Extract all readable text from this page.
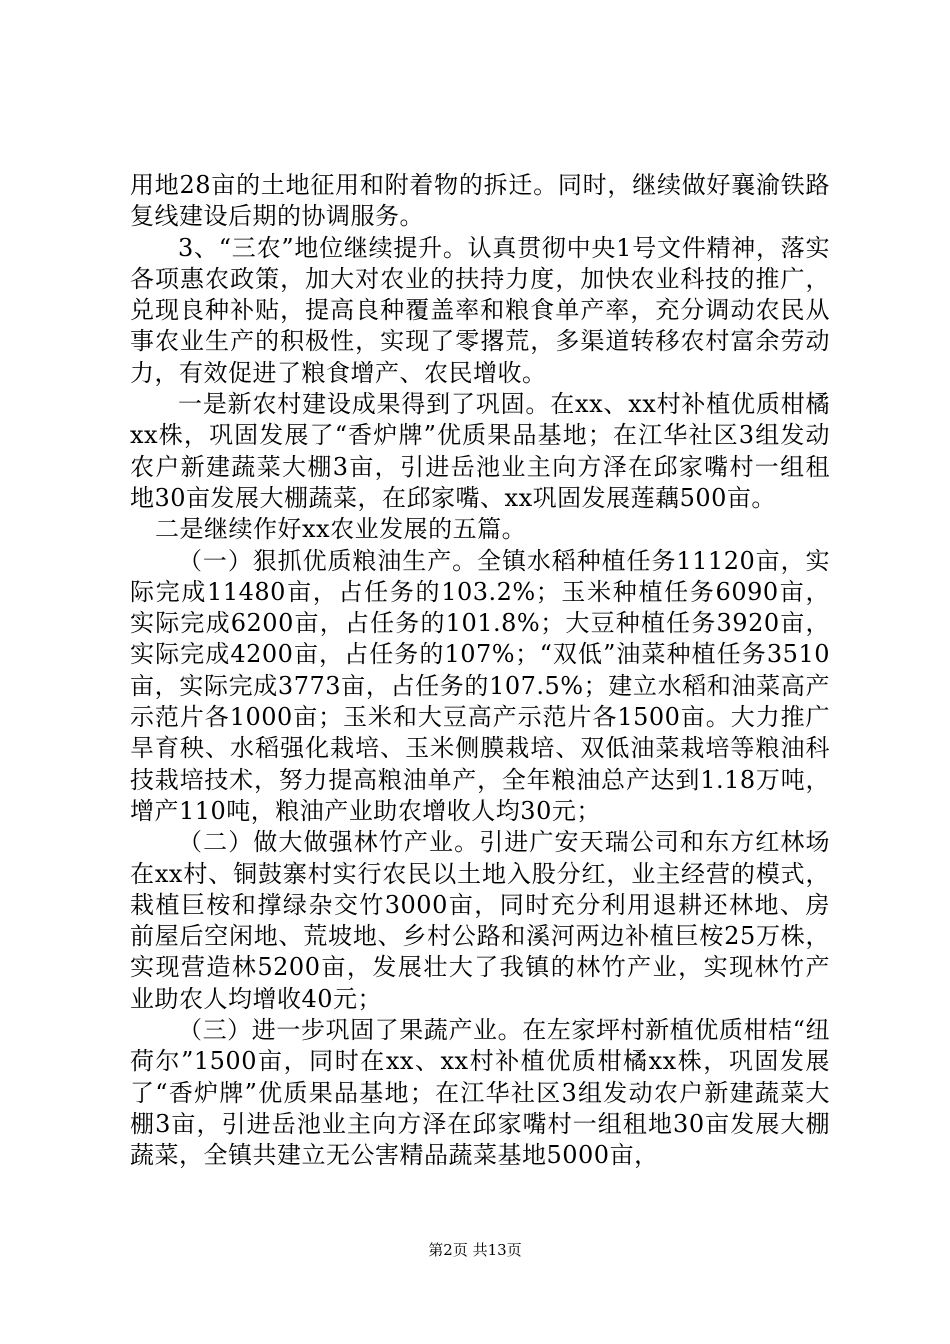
用地28亩的土地征用和附着物的拆迁。同时，继续做好襄渝铁路复线建设后期的协调服务。

3、“三农”地位继续提升。认真贯彻中央1号文件精神，落实各项惠农政策，加大对农业的扶持力度，加快农业科技的推广，兑现良种补贴，提高良种覆盖率和粮食单产率，充分调动农民从事农业生产的积极性，实现了零撂荒，多渠道转移农村富余劳动力，有效促进了粮食增产、农民增收。

一是新农村建设成果得到了巩固。在xx、xx村补植优质柑橘xx株，巩固发展了“香炉牌”优质果品基地；在江华社区3组发动农户新建蔬菜大棚3亩，引进岳池业主向方泽在邱家嘴村一组租地30亩发展大棚蔬菜，在邱家嘴、xx巩固发展莲藕500亩。

二是继续作好xx农业发展的五篇。

（一）狠抓优质粮油生产。全镇水稻种植任务11120亩，实际完成11480亩，占任务的103.2%；玉米种植任务6090亩，实际完成6200亩，占任务的101.8%；大豆种植任务3920亩，实际完成4200亩，占任务的107%；“双低”油菜种植任务3510亩，实际完成3773亩，占任务的107.5%；建立水稻和油菜高产示范片各1000亩；玉米和大豆高产示范片各1500亩。大力推广旱育秧、水稻强化栽培、玉米侧膜栽培、双低油菜栽培等粮油科技栽培技术，努力提高粮油单产，全年粮油总产达到1.18万吨，增产110吨，粮油产业助农增收人均30元；

（二）做大做强林竹产业。引进广安天瑞公司和东方红林场在xx村、铜鼓寨村实行农民以土地入股分红，业主经营的模式，栽植巨桉和撑绿杂交竹3000亩，同时充分利用退耕还林地、房前屋后空闲地、荒坡地、乡村公路和溪河两边补植巨桉25万株，实现营造林5200亩，发展壮大了我镇的林竹产业，实现林竹产业助农人均增收40元；

（三）进一步巩固了果蔬产业。在左家坪村新植优质柑桔“纽荷尔”1500亩，同时在xx、xx村补植优质柑橘xx株，巩固发展了“香炉牌”优质果品基地；在江华社区3组发动农户新建蔬菜大棚3亩，引进岳池业主向方泽在邱家嘴村一组租地30亩发展大棚蔬菜，全镇共建立无公害精品蔬菜基地5000亩，

第2页 共13页
